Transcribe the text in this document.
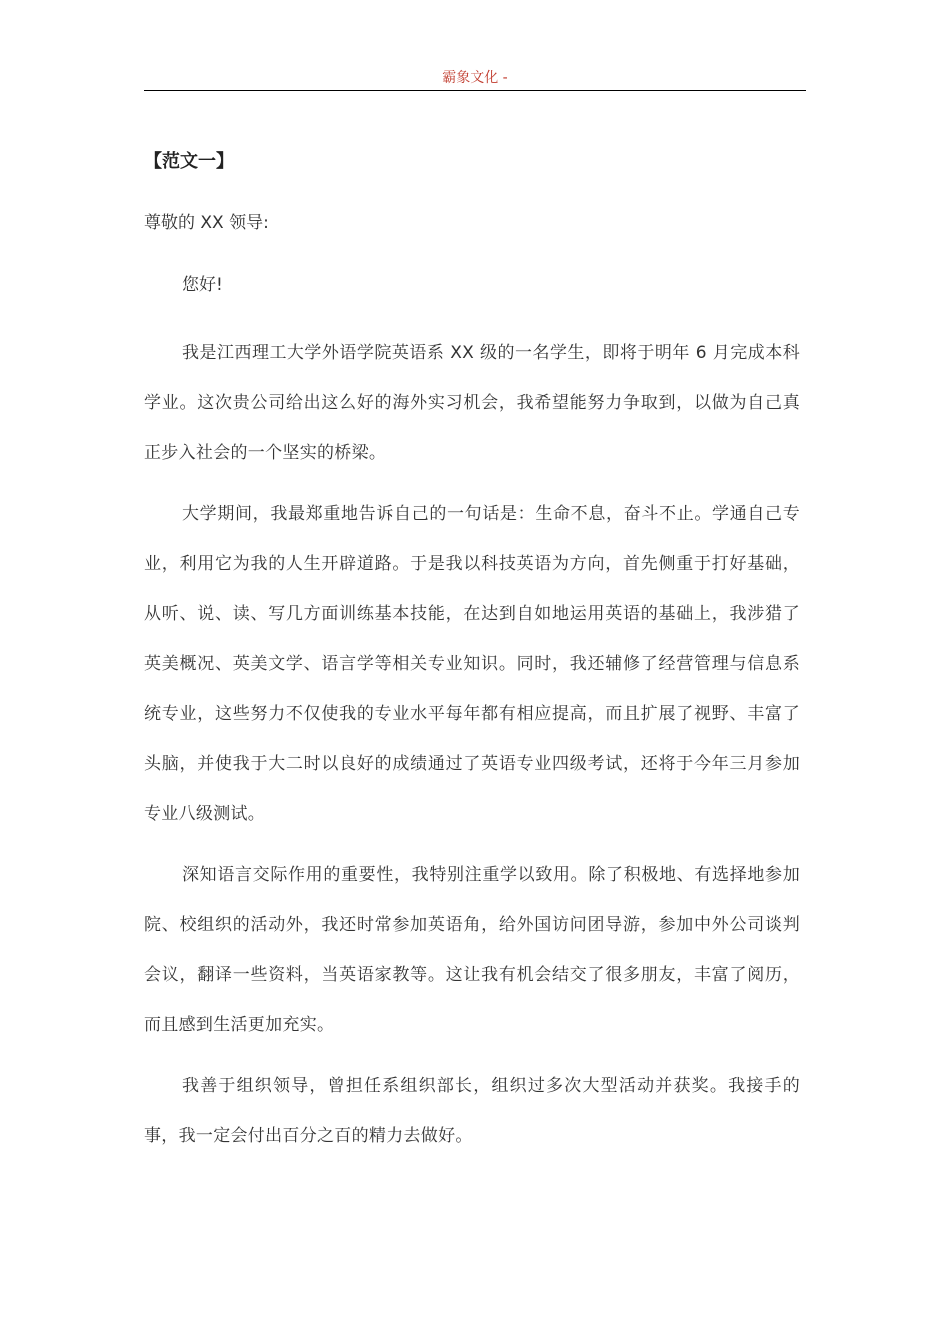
霸象文化 -

【范文一】

尊敬的 XX 领导:

您好!

我是江西理工大学外语学院英语系 XX 级的一名学生，即将于明年 6 月完成本科学业。这次贵公司给出这么好的海外实习机会，我希望能努力争取到，以做为自己真正步入社会的一个坚实的桥梁。

大学期间，我最郑重地告诉自己的一句话是：生命不息，奋斗不止。学通自己专业，利用它为我的人生开辟道路。于是我以科技英语为方向，首先侧重于打好基础，从听、说、读、写几方面训练基本技能，在达到自如地运用英语的基础上，我涉猎了英美概况、英美文学、语言学等相关专业知识。同时，我还辅修了经营管理与信息系统专业，这些努力不仅使我的专业水平每年都有相应提高，而且扩展了视野、丰富了头脑，并使我于大二时以良好的成绩通过了英语专业四级考试，还将于今年三月参加专业八级测试。

深知语言交际作用的重要性，我特别注重学以致用。除了积极地、有选择地参加院、校组织的活动外，我还时常参加英语角，给外国访问团导游，参加中外公司谈判会议，翻译一些资料，当英语家教等。这让我有机会结交了很多朋友，丰富了阅历，而且感到生活更加充实。

我善于组织领导，曾担任系组织部长，组织过多次大型活动并获奖。我接手的事，我一定会付出百分之百的精力去做好。
